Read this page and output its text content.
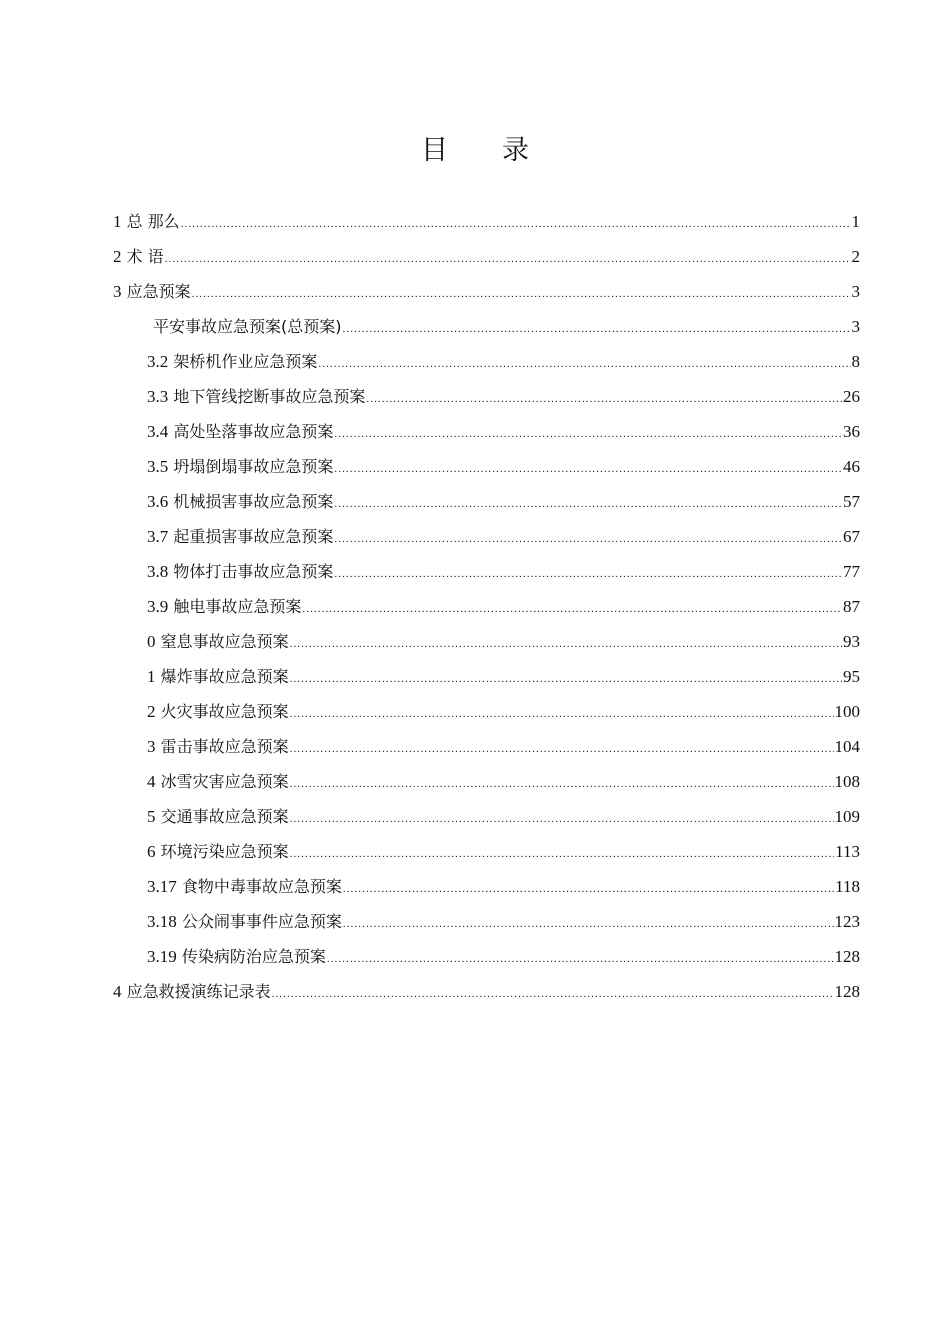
目　　录
1 总 那么 .....	1
2 术 语 .....	2
3 应急预案 .....	3
平安事故应急预案(总预案) .....	3
3.2 架桥机作业应急预案 .....	8
3.3 地下管线挖断事故应急预案 .....	26
3.4 高处坠落事故应急预案 .....	36
3.5 坍塌倒塌事故应急预案 .....	46
3.6 机械损害事故应急预案 .....	57
3.7 起重损害事故应急预案 .....	67
3.8 物体打击事故应急预案 .....	77
3.9 触电事故应急预案 .....	87
0 窒息事故应急预案 .....	93
1 爆炸事故应急预案 .....	95
2 火灾事故应急预案 .....	100
3 雷击事故应急预案 .....	104
4 冰雪灾害应急预案 .....	108
5 交通事故应急预案 .....	109
6 环境污染应急预案 .....	113
3.17 食物中毒事故应急预案 .....	118
3.18 公众闹事事件应急预案 .....	123
3.19 传染病防治应急预案 .....	128
4 应急救援演练记录表 .....	128
